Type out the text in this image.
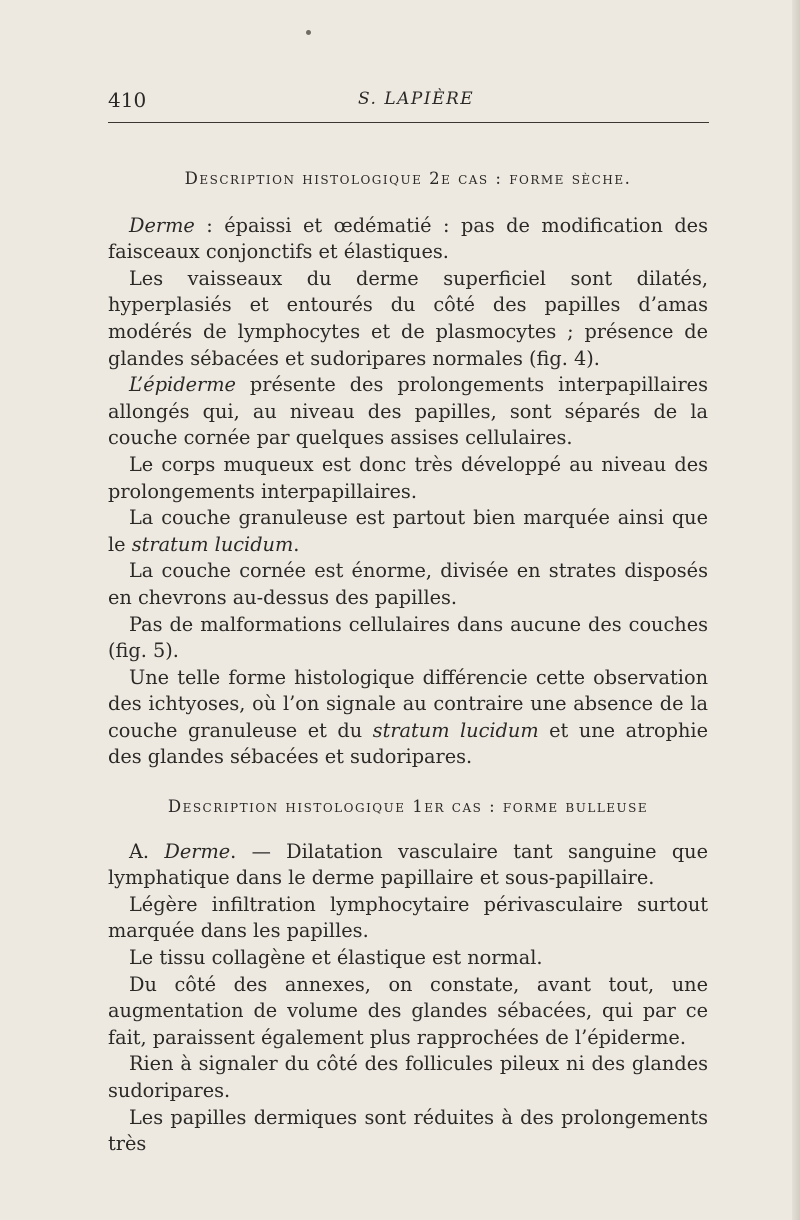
410	S. LAPIÈRE
Description histologique 2e cas : forme sèche.

Derme : épaissi et œdématié : pas de modification des faisceaux conjonctifs et élastiques.

Les vaisseaux du derme superficiel sont dilatés, hyperplasiés et entourés du côté des papilles d’amas modérés de lymphocytes et de plasmocytes ; présence de glandes sébacées et sudoripares normales (fig. 4).

L’épiderme présente des prolongements interpapillaires allongés qui, au niveau des papilles, sont séparés de la couche cornée par quelques assises cellulaires.

Le corps muqueux est donc très développé au niveau des prolongements interpapillaires.

La couche granuleuse est partout bien marquée ainsi que le stratum lucidum.

La couche cornée est énorme, divisée en strates disposés en chevrons au-dessus des papilles.

Pas de malformations cellulaires dans aucune des couches (fig. 5).

Une telle forme histologique différencie cette observation des ichtyoses, où l’on signale au contraire une absence de la couche granuleuse et du stratum lucidum et une atrophie des glandes sébacées et sudoripares.

Description histologique 1er cas : forme bulleuse

A. Derme. — Dilatation vasculaire tant sanguine que lymphatique dans le derme papillaire et sous-papillaire.

Légère infiltration lymphocytaire périvasculaire surtout marquée dans les papilles.

Le tissu collagène et élastique est normal.

Du côté des annexes, on constate, avant tout, une augmentation de volume des glandes sébacées, qui par ce fait, paraissent également plus rapprochées de l’épiderme.

Rien à signaler du côté des follicules pileux ni des glandes sudoripares.

Les papilles dermiques sont réduites à des prolongements très
